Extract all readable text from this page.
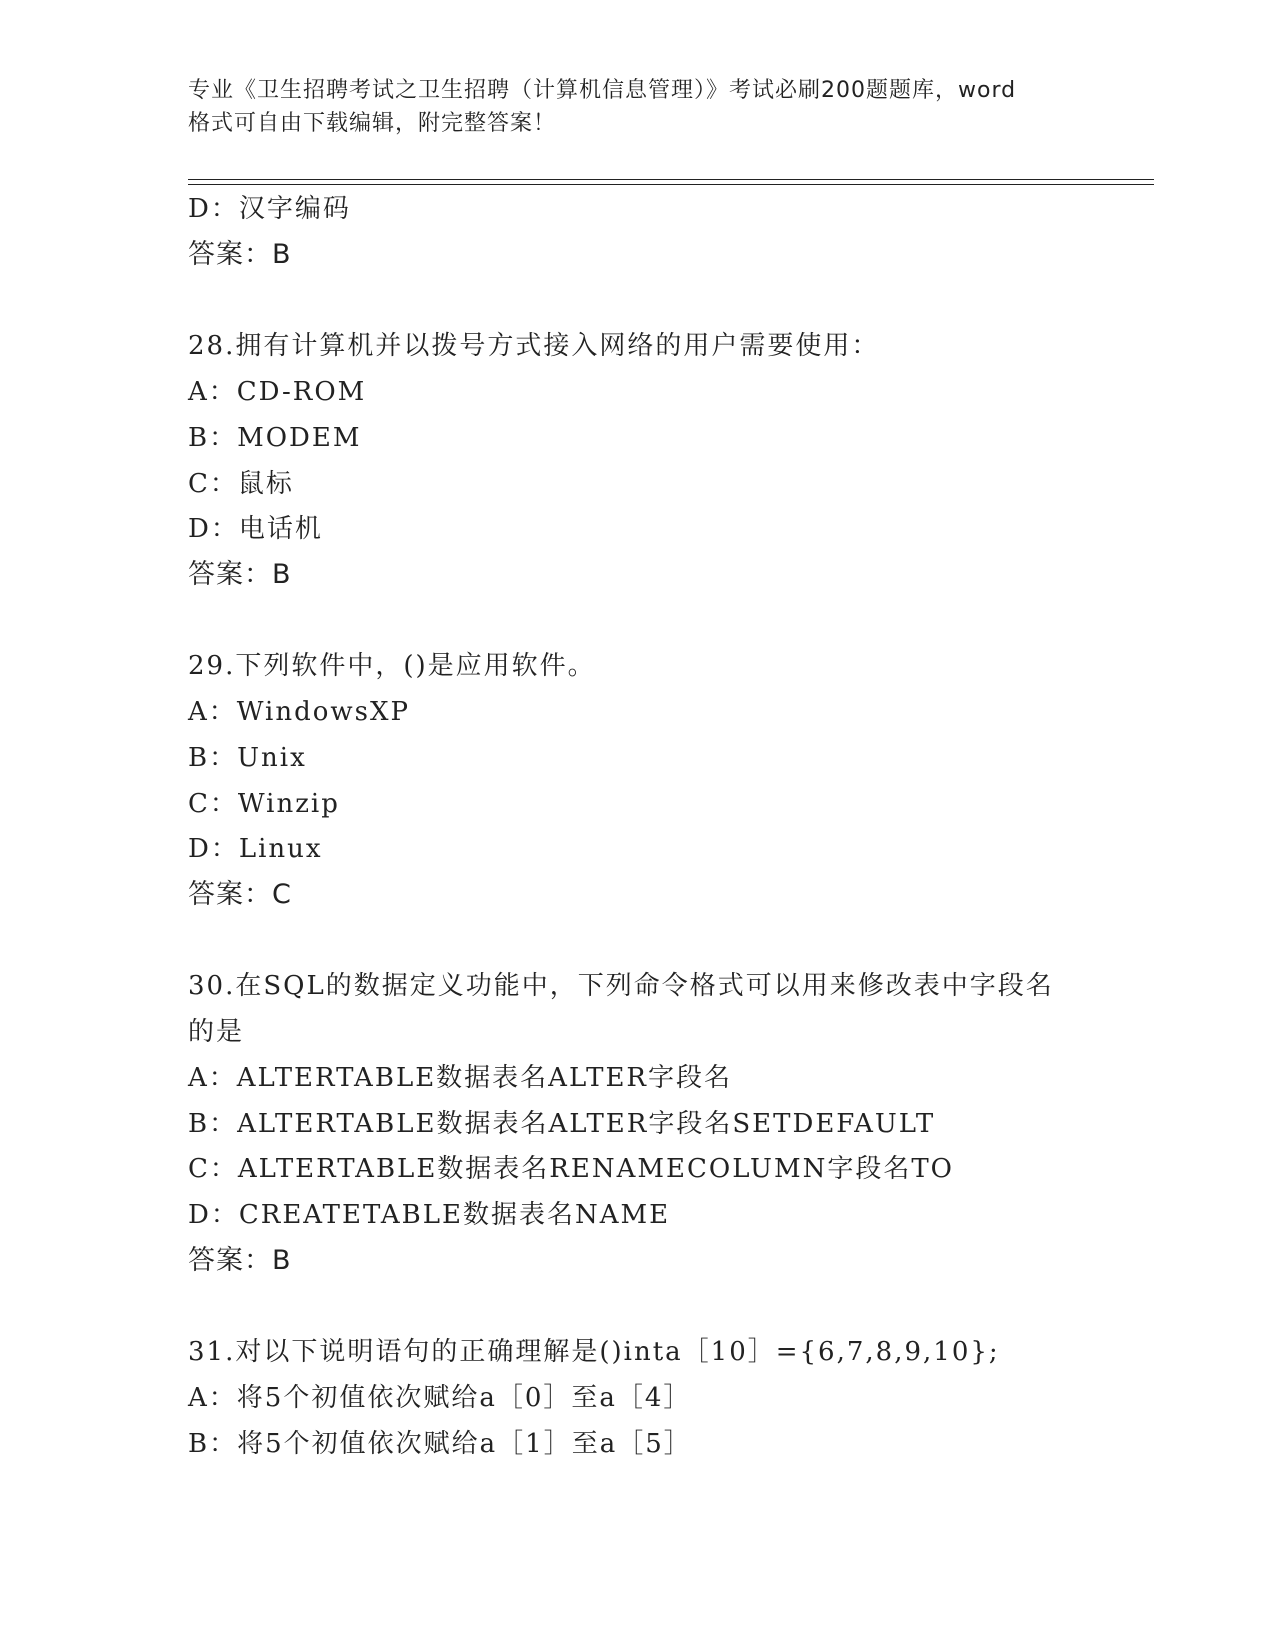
专业《卫生招聘考试之卫生招聘（计算机信息管理）》考试必刷200题题库，word
格式可自由下载编辑，附完整答案！
D：汉字编码
答案：B
28.拥有计算机并以拨号方式接入网络的用户需要使用：
A：CD-ROM
B：MODEM
C：鼠标
D：电话机
答案：B
29.下列软件中，()是应用软件。
A：WindowsXP
B：Unix
C：Winzip
D：Linux
答案：C
30.在SQL的数据定义功能中，下列命令格式可以用来修改表中字段名
的是
A：ALTERTABLE数据表名ALTER字段名
B：ALTERTABLE数据表名ALTER字段名SETDEFAULT
C：ALTERTABLE数据表名RENAMECOLUMN字段名TO
D：CREATETABLE数据表名NAME
答案：B
31.对以下说明语句的正确理解是()inta［10］={6,7,8,9,10};
A：将5个初值依次赋给a［0］至a［4］
B：将5个初值依次赋给a［1］至a［5］
